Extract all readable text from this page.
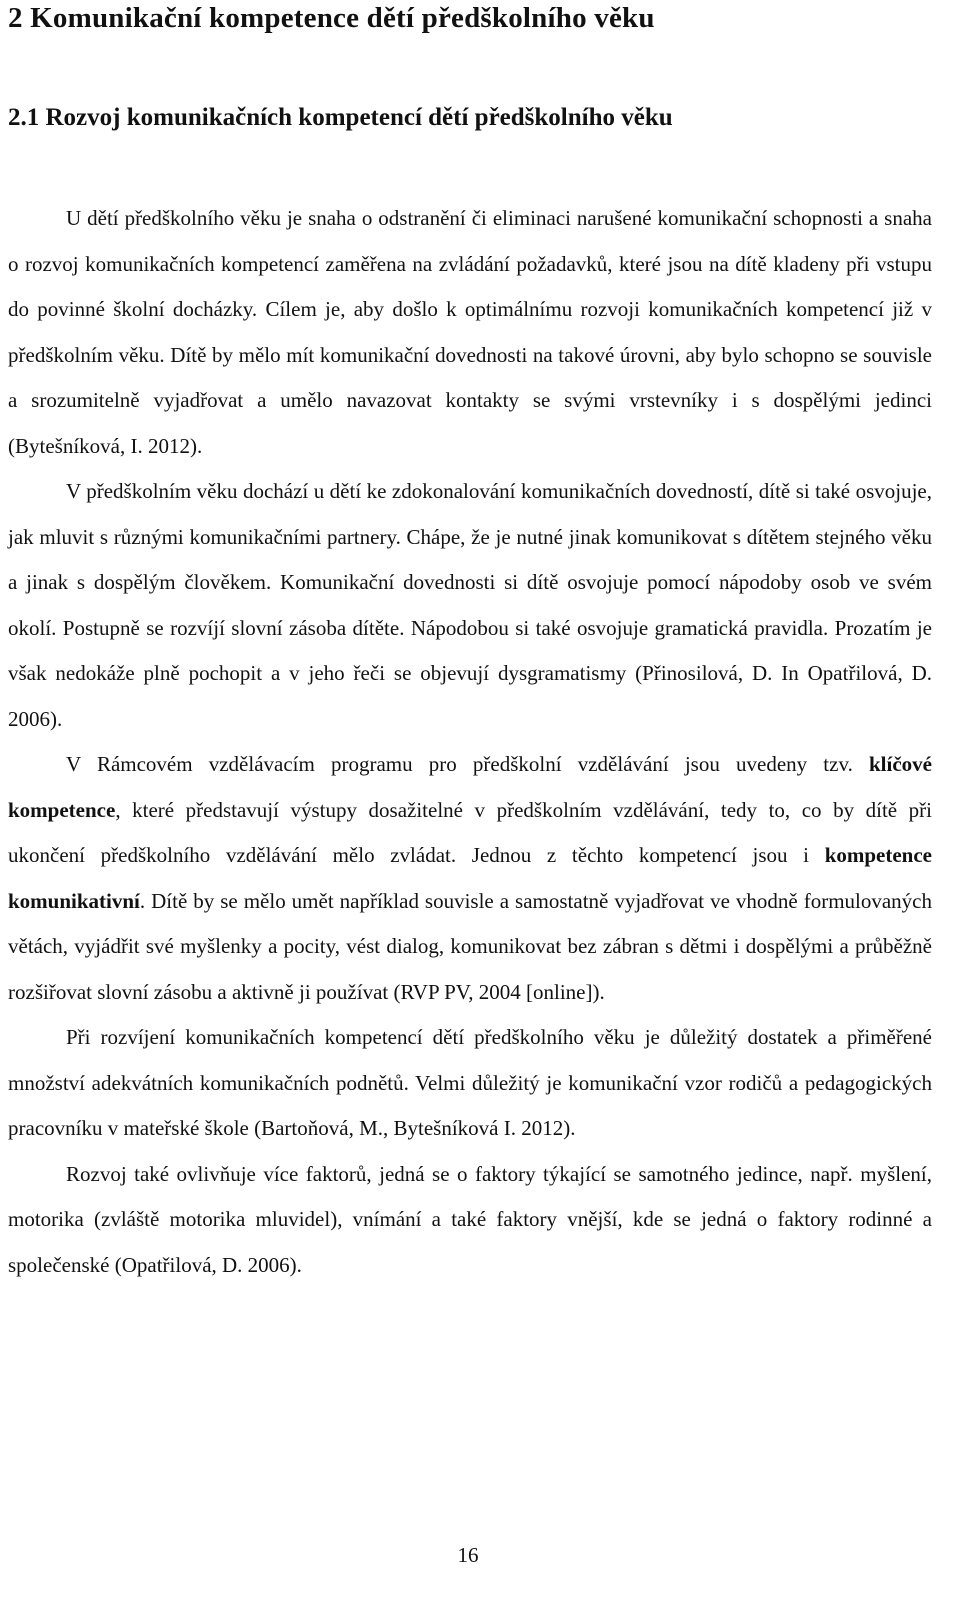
2 Komunikační kompetence dětí předškolního věku
2.1 Rozvoj komunikačních kompetencí dětí předškolního věku

U dětí předškolního věku je snaha o odstranění či eliminaci narušené komunikační schopnosti a snaha o rozvoj komunikačních kompetencí zaměřena na zvládání požadavků, které jsou na dítě kladeny při vstupu do povinné školní docházky. Cílem je, aby došlo k optimálnímu rozvoji komunikačních kompetencí již v předškolním věku. Dítě by mělo mít komunikační dovednosti na takové úrovni, aby bylo schopno se souvisle a srozumitelně vyjadřovat a umělo navazovat kontakty se svými vrstevníky i s dospělými jedinci (Bytešníková, I. 2012).

V předškolním věku dochází u dětí ke zdokonalování komunikačních dovedností, dítě si také osvojuje, jak mluvit s různými komunikačními partnery. Chápe, že je nutné jinak komunikovat s dítětem stejného věku a jinak s dospělým člověkem. Komunikační dovednosti si dítě osvojuje pomocí nápodoby osob ve svém okolí. Postupně se rozvíjí slovní zásoba dítěte. Nápodobou si také osvojuje gramatická pravidla. Prozatím je však nedokáže plně pochopit a v jeho řeči se objevují dysgramatismy (Přinosilová, D. In Opatřilová, D. 2006).

V Rámcovém vzdělávacím programu pro předškolní vzdělávání jsou uvedeny tzv. klíčové kompetence, které představují výstupy dosažitelné v předškolním vzdělávání, tedy to, co by dítě při ukončení předškolního vzdělávání mělo zvládat. Jednou z těchto kompetencí jsou i kompetence komunikativní. Dítě by se mělo umět například souvisle a samostatně vyjadřovat ve vhodně formulovaných větách, vyjádřit své myšlenky a pocity, vést dialog, komunikovat bez zábran s dětmi i dospělými a průběžně rozšiřovat slovní zásobu a aktivně ji používat (RVP PV, 2004 [online]).

Při rozvíjení komunikačních kompetencí dětí předškolního věku je důležitý dostatek a přiměřené množství adekvátních komunikačních podnětů. Velmi důležitý je komunikační vzor rodičů a pedagogických pracovníku v mateřské škole (Bartoňová, M., Bytešníková I. 2012).

Rozvoj také ovlivňuje více faktorů, jedná se o faktory týkající se samotného jedince, např. myšlení, motorika (zvláště motorika mluvidel), vnímání a také faktory vnější, kde se jedná o faktory rodinné a společenské (Opatřilová, D. 2006).

16
